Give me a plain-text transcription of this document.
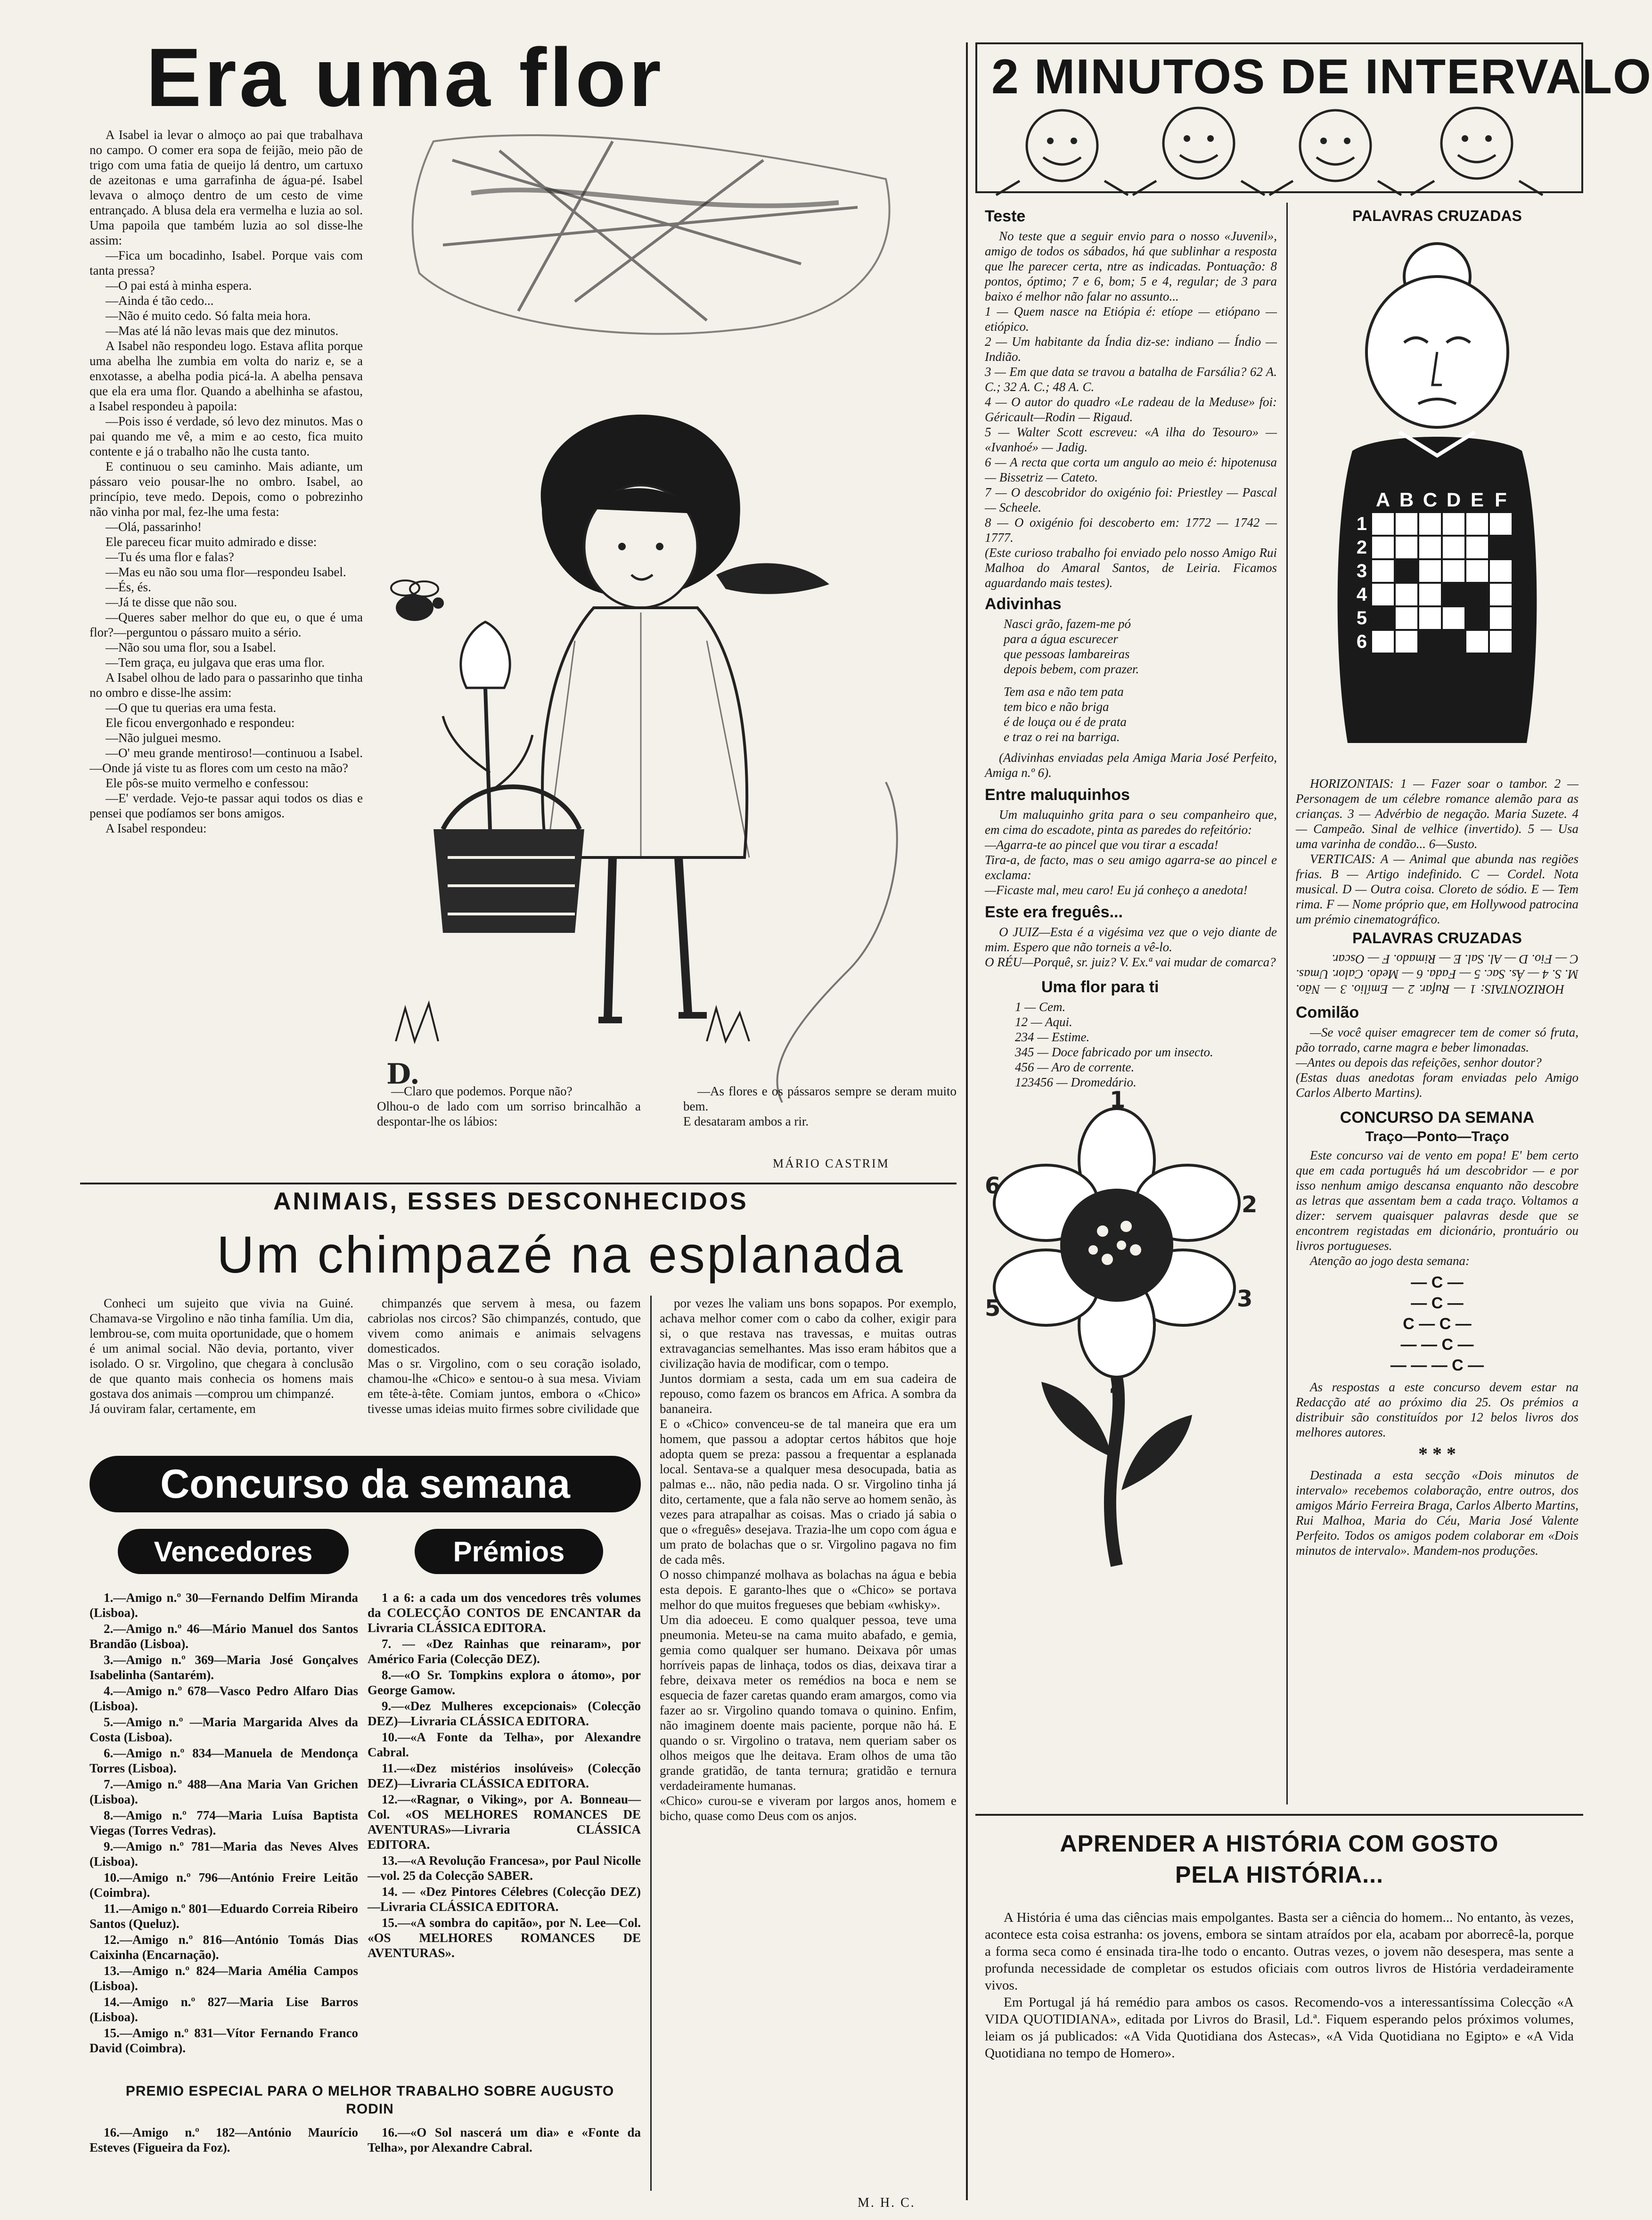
Era uma flor

A Isabel ia levar o almoço ao pai que trabalhava no campo. O comer era sopa de feijão, meio pão de trigo com uma fatia de queijo lá dentro, um cartuxo de azeitonas e uma garrafinha de água-pé. Isabel levava o almoço dentro de um cesto de vime entrançado. A blusa dela era vermelha e luzia ao sol. Uma papoila que também luzia ao sol disse-lhe assim:

—Fica um bocadinho, Isabel. Porque vais com tanta pressa?

—O pai está à minha espera.

—Ainda é tão cedo...

—Não é muito cedo. Só falta meia hora.

—Mas até lá não levas mais que dez minutos.

A Isabel não respondeu logo. Estava aflita porque uma abelha lhe zumbia em volta do nariz e, se a enxotasse, a abelha podia picá-la. A abelha pensava que ela era uma flor. Quando a abelhinha se afastou, a Isabel respondeu à papoila:

—Pois isso é verdade, só levo dez minutos. Mas o pai quando me vê, a mim e ao cesto, fica muito contente e já o trabalho não lhe custa tanto.

E continuou o seu caminho. Mais adiante, um pássaro veio pousar-lhe no ombro. Isabel, ao princípio, teve medo. Depois, como o pobrezinho não vinha por mal, fez-lhe uma festa:

—Olá, passarinho!

Ele pareceu ficar muito admirado e disse:

—Tu és uma flor e falas?

—Mas eu não sou uma flor—respondeu Isabel.

—És, és.

—Já te disse que não sou.

—Queres saber melhor do que eu, o que é uma flor?—perguntou o pássaro muito a sério.

—Não sou uma flor, sou a Isabel.

—Tem graça, eu julgava que eras uma flor.

A Isabel olhou de lado para o passarinho que tinha no ombro e disse-lhe assim:

—O que tu querias era uma festa.

Ele ficou envergonhado e respondeu:

—Não julguei mesmo.

—O' meu grande mentiroso!—continuou a Isabel.—Onde já viste tu as flores com um cesto na mão?

Ele pôs-se muito vermelho e confessou:

—E' verdade. Vejo-te passar aqui todos os dias e pensei que podíamos ser bons amigos.

A Isabel respondeu:

D.
—Claro que podemos. Porque não?
Olhou-o de lado com um sorriso brincalhão a despontar-lhe os lábios:
—As flores e os pássaros sempre se deram muito bem.
E desataram ambos a rir.
MÁRIO CASTRIM
ANIMAIS, ESSES DESCONHECIDOS
Um chimpazé na esplanada
Conheci um sujeito que vivia na Guiné. Chamava-se Virgolino e não tinha família. Um dia, lembrou-se, com muita oportunidade, que o homem é um animal social. Não devia, portanto, viver isolado. O sr. Virgolino, que chegara à conclusão de que quanto mais conhecia os homens mais gostava dos animais —comprou um chimpanzé.
Já ouviram falar, certamente, em
chimpanzés que servem à mesa, ou fazem cabriolas nos circos? São chimpanzés, contudo, que vivem como animais e animais selvagens domesticados.
Mas o sr. Virgolino, com o seu coração isolado, chamou-lhe «Chico» e sentou-o à sua mesa. Viviam em tête-à-tête. Comiam juntos, embora o «Chico» tivesse umas ideias muito firmes sobre civilidade que
por vezes lhe valiam uns bons sopapos. Por exemplo, achava melhor comer com o cabo da colher, exigir para si, o que restava nas travessas, e muitas outras extravagancias semelhantes. Mas isso eram hábitos que a civilização havia de modificar, com o tempo.
Juntos dormiam a sesta, cada um em sua cadeira de repouso, como fazem os brancos em Africa. A sombra da bananeira.
E o «Chico» convenceu-se de tal maneira que era um homem, que passou a adoptar certos hábitos que hoje adopta quem se preza: passou a frequentar a esplanada local. Sentava-se a qualquer mesa desocupada, batia as palmas e... não, não pedia nada. O sr. Virgolino tinha já dito, certamente, que a fala não serve ao homem senão, às vezes para atrapalhar as coisas. Mas o criado já sabia o que o «freguês» desejava. Trazia-lhe um copo com água e um prato de bolachas que o sr. Virgolino pagava no fim de cada mês.
O nosso chimpanzé molhava as bolachas na água e bebia esta depois. E garanto-lhes que o «Chico» se portava melhor do que muitos fregueses que bebiam «whisky».
Um dia adoeceu. E como qualquer pessoa, teve uma pneumonia. Meteu-se na cama muito abafado, e gemia, gemia como qualquer ser humano. Deixava pôr umas horríveis papas de linhaça, todos os dias, deixava tirar a febre, deixava meter os remédios na boca e nem se esquecia de fazer caretas quando eram amargos, como via fazer ao sr. Virgolino quando tomava o quinino. Enfim, não imaginem doente mais paciente, porque não há. E quando o sr. Virgolino o tratava, nem queriam saber os olhos meigos que lhe deitava. Eram olhos de uma tão grande gratidão, de tanta ternura; gratidão e ternura verdadeiramente humanas.
«Chico» curou-se e viveram por largos anos, homem e bicho, quase como Deus com os anjos.
M. H. C.
Concurso da semana
Vencedores	Prémios

1.—Amigo n.º 30—Fernando Delfim Miranda (Lisboa).

2.—Amigo n.º 46—Mário Manuel dos Santos Brandão (Lisboa).

3.—Amigo n.º 369—Maria José Gonçalves Isabelinha (Santarém).

4.—Amigo n.º 678—Vasco Pedro Alfaro Dias (Lisboa).

5.—Amigo n.º —Maria Margarida Alves da Costa (Lisboa).

6.—Amigo n.º 834—Manuela de Mendonça Torres (Lisboa).

7.—Amigo n.º 488—Ana Maria Van Grichen (Lisboa).

8.—Amigo n.º 774—Maria Luísa Baptista Viegas (Torres Vedras).

9.—Amigo n.º 781—Maria das Neves Alves (Lisboa).

10.—Amigo n.º 796—António Freire Leitão (Coimbra).

11.—Amigo n.º 801—Eduardo Correia Ribeiro Santos (Queluz).

12.—Amigo n.º 816—António Tomás Dias Caixinha (Encarnação).

13.—Amigo n.º 824—Maria Amélia Campos (Lisboa).

14.—Amigo n.º 827—Maria Lise Barros (Lisboa).

15.—Amigo n.º 831—Vítor Fernando Franco David (Coimbra).

1 a 6: a cada um dos vencedores três volumes da COLECÇÃO CONTOS DE ENCANTAR da Livraria CLÁSSICA EDITORA.

7. — «Dez Rainhas que reinaram», por Américo Faria (Colecção DEZ).

8.—«O Sr. Tompkins explora o átomo», por George Gamow.

9.—«Dez Mulheres excepcionais» (Colecção DEZ)—Livraria CLÁSSICA EDITORA.

10.—«A Fonte da Telha», por Alexandre Cabral.

11.—«Dez mistérios insolúveis» (Colecção DEZ)—Livraria CLÁSSICA EDITORA.

12.—«Ragnar, o Viking», por A. Bonneau—Col. «OS MELHORES ROMANCES DE AVENTURAS»—Livraria CLÁSSICA EDITORA.

13.—«A Revolução Francesa», por Paul Nicolle—vol. 25 da Colecção SABER.

14. — «Dez Pintores Célebres (Colecção DEZ)—Livraria CLÁSSICA EDITORA.

15.—«A sombra do capitão», por N. Lee—Col. «OS MELHORES ROMANCES DE AVENTURAS».

PREMIO ESPECIAL PARA O MELHOR TRABALHO SOBRE AUGUSTO RODIN
16.—Amigo n.º 182—António Maurício Esteves (Figueira da Foz).
16.—«O Sol nascerá um dia» e «Fonte da Telha», por Alexandre Cabral.
2 MINUTOS DE INTERVALO
Teste
No teste que a seguir envio para o nosso «Juvenil», amigo de todos os sábados, há que sublinhar a resposta que lhe parecer certa, ntre as indicadas. Pontuação: 8 pontos, óptimo; 7 e 6, bom; 5 e 4, regular; de 3 para baixo é melhor não falar no assunto...
1 — Quem nasce na Etiópia é: etíope — etiópano — etiópico.
2 — Um habitante da Índia diz-se: indiano — Índio — Indião.
3 — Em que data se travou a batalha de Farsália? 62 A. C.; 32 A. C.; 48 A. C.
4 — O autor do quadro «Le radeau de la Meduse» foi: Géricault—Rodin — Rigaud.
5 — Walter Scott escreveu: «A ilha do Tesouro» — «Ivanhoé» — Jadig.
6 — A recta que corta um angulo ao meio é: hipotenusa — Bissetriz — Cateto.
7 — O descobridor do oxigénio foi: Priestley — Pascal — Scheele.
8 — O oxigénio foi descoberto em: 1772 — 1742 — 1777.
(Este curioso trabalho foi enviado pelo nosso Amigo Rui Malhoa do Amaral Santos, de Leiria. Ficamos aguardando mais testes).
Adivinhas
Nasci grão, fazem-me pó
para a água escurecer
que pessoas lambareiras
depois bebem, com prazer.
Tem asa e não tem pata
tem bico e não briga
é de louça ou é de prata
e traz o rei na barriga.
(Adivinhas enviadas pela Amiga Maria José Perfeito, Amiga n.º 6).
Entre maluquinhos
Um maluquinho grita para o seu companheiro que, em cima do escadote, pinta as paredes do refeitório:
—Agarra-te ao pincel que vou tirar a escada!
Tira-a, de facto, mas o seu amigo agarra-se ao pincel e exclama:
—Ficaste mal, meu caro! Eu já conheço a anedota!
Este era freguês...
O JUIZ—Esta é a vigésima vez que o vejo diante de mim. Espero que não torneis a vê-lo.
O RÉU—Porquê, sr. juiz? V. Ex.ª vai mudar de comarca?
Uma flor para ti

1 — Cem.

12 — Aqui.

234 — Estime.

345 — Doce fabricado por um insecto.

456 — Aro de corrente.

123456 — Dromedário.

1
2
3
4
5
6
PALAVRAS CRUZADAS
A B C D E F
1
2
3
4
5
6
HORIZONTAIS: 1 — Fazer soar o tambor. 2 — Personagem de um célebre romance alemão para as crianças. 3 — Advérbio de negação. Maria Suzete. 4 — Campeão. Sinal de velhice (invertido). 5 — Usa uma varinha de condão... 6—Susto.
VERTICAIS: A — Animal que abunda nas regiões frias. B — Artigo indefinido. C — Cordel. Nota musical. D — Outra coisa. Cloreto de sódio. E — Tem rima. F — Nome próprio que, em Hollywood patrocina um prémio cinematográfico.
PALAVRAS CRUZADAS
HORIZONTAIS: 1 — Rufar. 2 — Emílio. 3 — Não. M. S. 4 — Ás. Sac. 5 — Fada. 6 — Medo. Calor. Umas. C — Fio. D — Al. Sal. E — Rimado. F — Oscar.
Comilão
—Se você quiser emagrecer tem de comer só fruta, pão torrado, carne magra e beber limonadas.
—Antes ou depois das refeições, senhor doutor?
(Estas duas anedotas foram enviadas pelo Amigo Carlos Alberto Martins).
CONCURSO DA SEMANA
Traço—Ponto—Traço
Este concurso vai de vento em popa! E' bem certo que em cada português há um descobridor — e por isso nenhum amigo descansa enquanto não descobre as letras que assentam bem a cada traço. Voltamos a dizer: servem quaisquer palavras desde que se encontrem registadas em dicionário, prontuário ou livros portugueses.
Atenção ao jogo desta semana:
— C —
— C —
C — C —
— — C —
— — — C —
As respostas a este concurso devem estar na Redacção até ao próximo dia 25. Os prémios a distribuir são constituídos por 12 belos livros dos melhores autores.
* * *
Destinada a esta secção «Dois minutos de intervalo» recebemos colaboração, entre outros, dos amigos Mário Ferreira Braga, Carlos Alberto Martins, Rui Malhoa, Maria do Céu, Maria José Valente Perfeito. Todos os amigos podem colaborar em «Dois minutos de intervalo». Mandem-nos produções.
APRENDER A HISTÓRIA COM GOSTO PELA HISTÓRIA...
A História é uma das ciências mais empolgantes. Basta ser a ciência do homem... No entanto, às vezes, acontece esta coisa estranha: os jovens, embora se sintam atraídos por ela, acabam por aborrecê-la, porque a forma seca como é ensinada tira-lhe todo o encanto. Outras vezes, o jovem não desespera, mas sente a profunda necessidade de completar os estudos oficiais com outros livros de História verdadeiramente vivos.
Em Portugal já há remédio para ambos os casos. Recomendo-vos a interessantíssima Colecção «A VIDA QUOTIDIANA», editada por Livros do Brasil, Ld.ª. Fiquem esperando pelos próximos volumes, leiam os já publicados: «A Vida Quotidiana dos Astecas», «A Vida Quotidiana no Egipto» e «A Vida Quotidiana no tempo de Homero».
